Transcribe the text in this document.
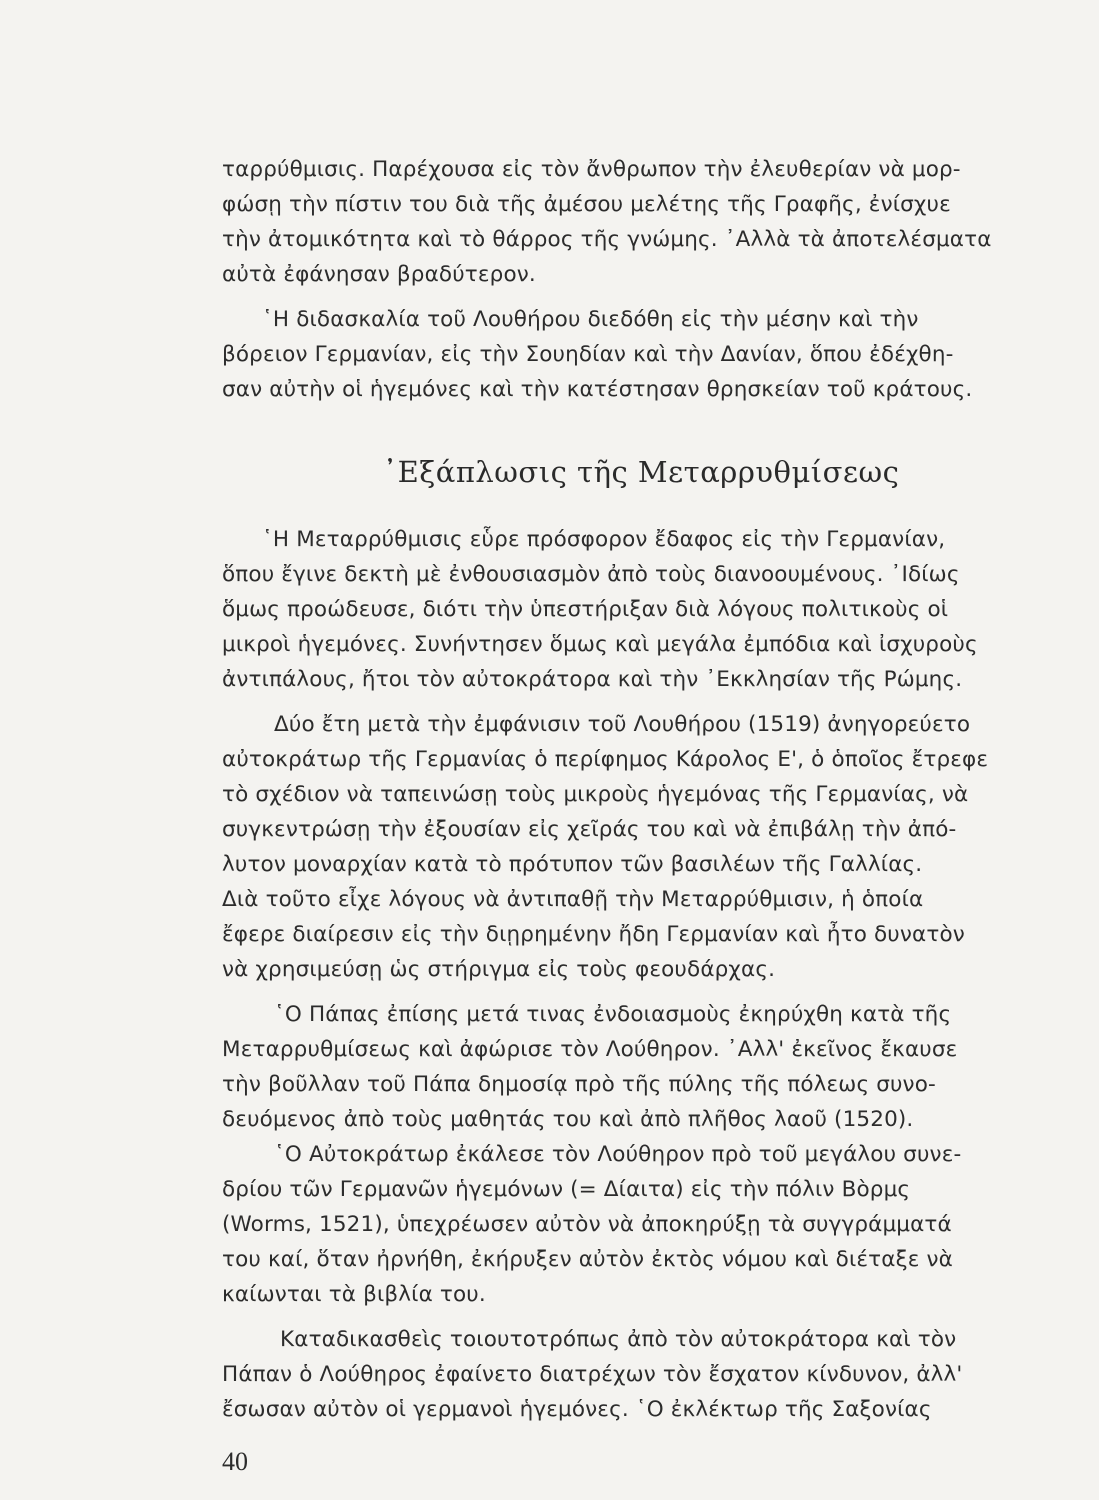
ταρρύθμισις. Παρέχουσα εἰς τὸν ἄνθρωπον τὴν ἐλευθερίαν νὰ μορ-
φώσῃ τὴν πίστιν του διὰ τῆς ἀμέσου μελέτης τῆς Γραφῆς, ἐνίσχυε
τὴν ἀτομικότητα καὶ τὸ θάρρος τῆς γνώμης. ᾿Αλλὰ τὰ ἀποτελέσματα
αὐτὰ ἐφάνησαν βραδύτερον.
῾Η διδασκαλία τοῦ Λουθήρου διεδόθη εἰς τὴν μέσην καὶ τὴν
βόρειον Γερμανίαν, εἰς τὴν Σουηδίαν καὶ τὴν Δανίαν, ὅπου ἐδέχθη-
σαν αὐτὴν οἱ ἡγεμόνες καὶ τὴν κατέστησαν θρησκείαν τοῦ κράτους.
᾿Εξάπλωσις τῆς Μεταρρυθμίσεως
῾Η Μεταρρύθμισις εὗρε πρόσφορον ἔδαφος εἰς τὴν Γερμανίαν,
ὅπου ἔγινε δεκτὴ μὲ ἐνθουσιασμὸν ἀπὸ τοὺς διανοουμένους. ᾿Ιδίως
ὅμως προώδευσε, διότι τὴν ὑπεστήριξαν διὰ λόγους πολιτικοὺς οἱ
μικροὶ ἡγεμόνες. Συνήντησεν ὅμως καὶ μεγάλα ἐμπόδια καὶ ἰσχυροὺς
ἀντιπάλους, ἤτοι τὸν αὐτοκράτορα καὶ τὴν ᾿Εκκλησίαν τῆς Ρώμης.
Δύο ἔτη μετὰ τὴν ἐμφάνισιν τοῦ Λουθήρου (1519) ἀνηγορεύετο
αὐτοκράτωρ τῆς Γερμανίας ὁ περίφημος Κάρολος Ε', ὁ ὁποῖος ἔτρεφε
τὸ σχέδιον νὰ ταπεινώσῃ τοὺς μικροὺς ἡγεμόνας τῆς Γερμανίας, νὰ
συγκεντρώσῃ τὴν ἐξουσίαν εἰς χεῖράς του καὶ νὰ ἐπιβάλῃ τὴν ἀπό-
λυτον μοναρχίαν κατὰ τὸ πρότυπον τῶν βασιλέων τῆς Γαλλίας.
Διὰ τοῦτο εἶχε λόγους νὰ ἀντιπαθῇ τὴν Μεταρρύθμισιν, ἡ ὁποία
ἔφερε διαίρεσιν εἰς τὴν διῃρημένην ἤδη Γερμανίαν καὶ ἦτο δυνατὸν
νὰ χρησιμεύσῃ ὡς στήριγμα εἰς τοὺς φεουδάρχας.
῾Ο Πάπας ἐπίσης μετά τινας ἐνδοιασμοὺς ἐκηρύχθη κατὰ τῆς
Μεταρρυθμίσεως καὶ ἀφώρισε τὸν Λούθηρον. ᾿Αλλ' ἐκεῖνος ἔκαυσε
τὴν βοῦλλαν τοῦ Πάπα δημοσίᾳ πρὸ τῆς πύλης τῆς πόλεως συνο-
δευόμενος ἀπὸ τοὺς μαθητάς του καὶ ἀπὸ πλῆθος λαοῦ (1520).
῾Ο Αὐτοκράτωρ ἐκάλεσε τὸν Λούθηρον πρὸ τοῦ μεγάλου συνε-
δρίου τῶν Γερμανῶν ἡγεμόνων (= Δίαιτα) εἰς τὴν πόλιν Βὸρμς
(Worms, 1521), ὑπεχρέωσεν αὐτὸν νὰ ἀποκηρύξῃ τὰ συγγράμματά
του καί, ὅταν ἠρνήθη, ἐκήρυξεν αὐτὸν ἐκτὸς νόμου καὶ διέταξε νὰ
καίωνται τὰ βιβλία του.
Καταδικασθεὶς τοιουτοτρόπως ἀπὸ τὸν αὐτοκράτορα καὶ τὸν
Πάπαν ὁ Λούθηρος ἐφαίνετο διατρέχων τὸν ἔσχατον κίνδυνον, ἀλλ'
ἔσωσαν αὐτὸν οἱ γερμανοὶ ἡγεμόνες. ῾Ο ἐκλέκτωρ τῆς Σαξονίας
40
